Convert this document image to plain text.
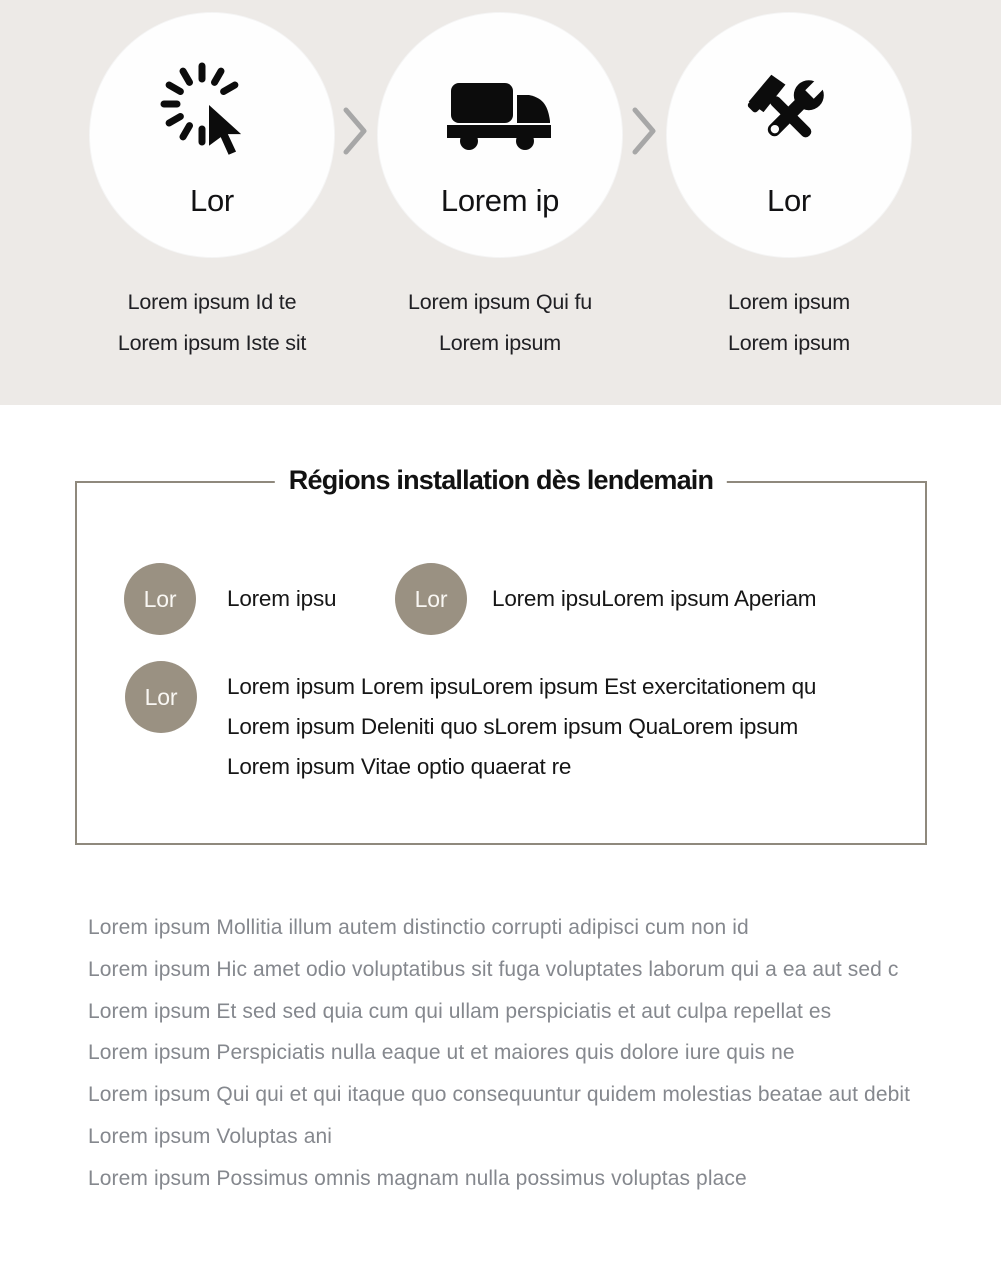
Lor
Lorem ipsum Id te
Lorem ipsum Iste sit
Lorem ip
Lorem ipsum Qui fu
Lorem ipsum
Lor
Lorem ipsum
Lorem ipsum
Régions installation dès lendemain
Lor	Lorem ipsu	Lor	Lorem ipsuLorem ipsum Aperiam
Lor	Lorem ipsum Lorem ipsuLorem ipsum Est exercitationem qu
Lorem ipsum Deleniti quo sLorem ipsum QuaLorem ipsum
Lorem ipsum Vitae optio quaerat re
Lorem ipsum Mollitia illum autem distinctio corrupti adipisci cum non id
Lorem ipsum Hic amet odio voluptatibus sit fuga voluptates laborum qui a ea aut sed c
Lorem ipsum Et sed sed quia cum qui ullam perspiciatis et aut culpa repellat es
Lorem ipsum Perspiciatis nulla eaque ut et maiores quis dolore iure quis ne
Lorem ipsum Qui qui et qui itaque quo consequuntur quidem molestias beatae aut debit
Lorem ipsum Voluptas ani
Lorem ipsum Possimus omnis magnam nulla possimus voluptas place
